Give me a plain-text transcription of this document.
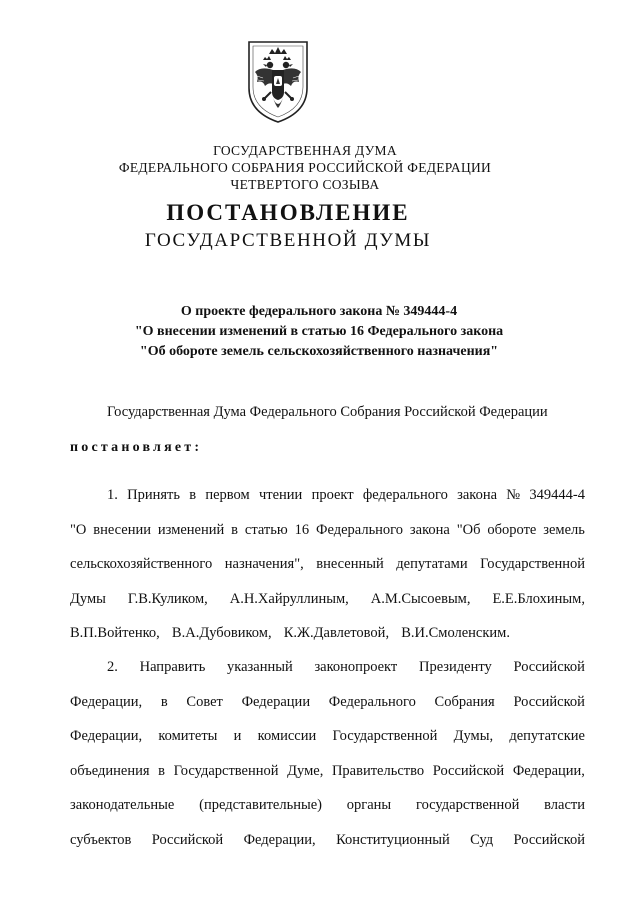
ГОСУДАРСТВЕННАЯ ДУМА
ФЕДЕРАЛЬНОГО СОБРАНИЯ РОССИЙСКОЙ ФЕДЕРАЦИИ
ЧЕТВЕРТОГО СОЗЫВА
ПОСТАНОВЛЕНИЕ
ГОСУДАРСТВЕННОЙ ДУМЫ
О проекте федерального закона № 349444-4
"О внесении изменений в статью 16 Федерального закона
"Об обороте земель сельскохозяйственного назначения"
Государственная Дума Федерального Собрания Российской Федерации
постановляет:
1. Принять в первом чтении проект федерального закона № 349444-4
"О внесении изменений в статью 16 Федерального закона "Об обороте земель
сельскохозяйственного назначения", внесенный депутатами Государственной
Думы Г.В.Куликом, А.Н.Хайруллиным, А.М.Сысоевым, Е.Е.Блохиным,
В.П.Войтенко, В.А.Дубовиком, К.Ж.Давлетовой, В.И.Смоленским.
2. Направить указанный законопроект Президенту Российской
Федерации, в Совет Федерации Федерального Собрания Российской
Федерации, комитеты и комиссии Государственной Думы, депутатские
объединения в Государственной Думе, Правительство Российской Федерации,
законодательные (представительные) органы государственной власти
субъектов Российской Федерации, Конституционный Суд Российской
